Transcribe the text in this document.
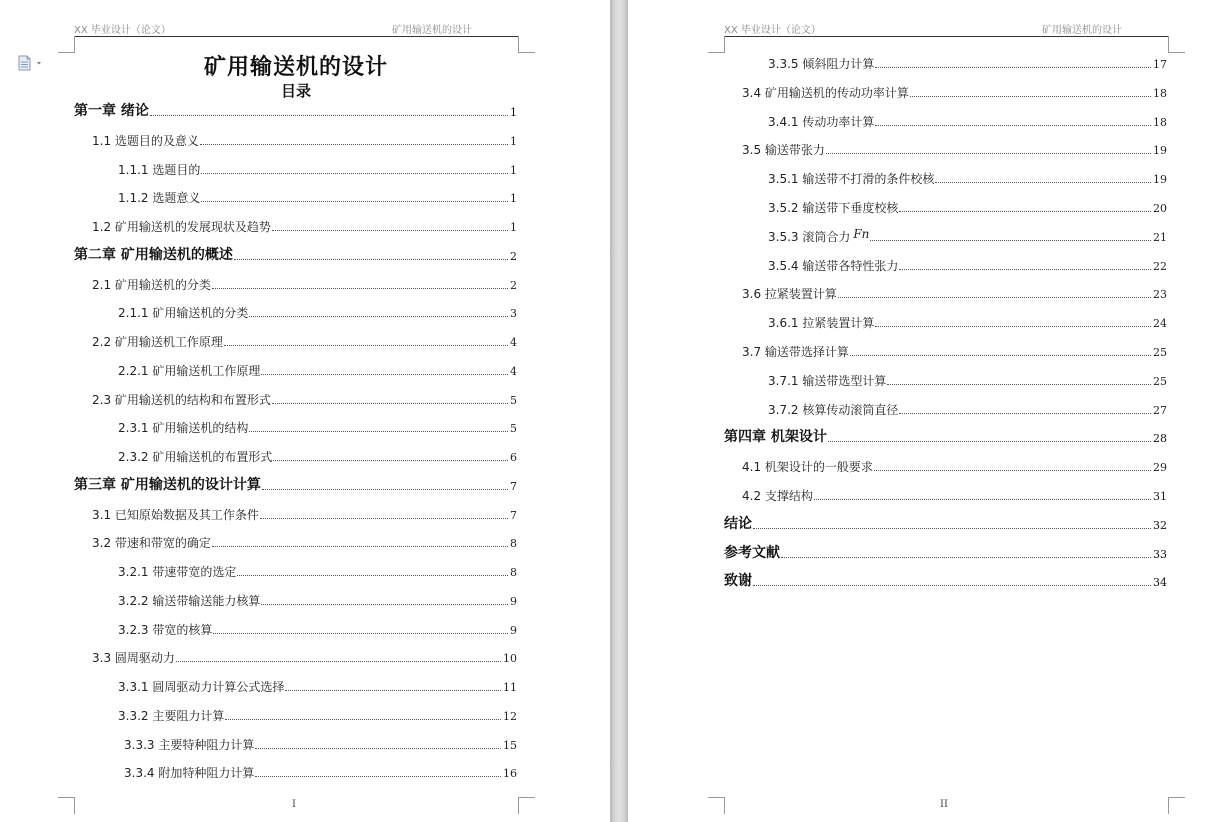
XX 毕业设计（论文）	矿用输送机的设计
矿用输送机的设计
目录
第一章 绪论	1
1.1 选题目的及意义	1
1.1.1 选题目的	1
1.1.2 选题意义	1
1.2 矿用输送机的发展现状及趋势	1
第二章 矿用输送机的概述	2
2.1 矿用输送机的分类	2
2.1.1 矿用输送机的分类	3
2.2 矿用输送机工作原理	4
2.2.1 矿用输送机工作原理	4
2.3 矿用输送机的结构和布置形式	5
2.3.1 矿用输送机的结构	5
2.3.2 矿用输送机的布置形式	6
第三章 矿用输送机的设计计算	7
3.1 已知原始数据及其工作条件	7
3.2 带速和带宽的确定	8
3.2.1 带速带宽的选定	8
3.2.2 输送带输送能力核算	9
3.2.3 带宽的核算	9
3.3 圆周驱动力	10
3.3.1 圆周驱动力计算公式选择	11
3.3.2 主要阻力计算	12
3.3.3 主要特种阻力计算	15
3.3.4 附加特种阻力计算	16
I
XX 毕业设计（论文）	矿用输送机的设计
3.3.5 倾斜阻力计算	17
3.4 矿用输送机的传动功率计算	18
3.4.1 传动功率计算	18
3.5 输送带张力	19
3.5.1 输送带不打滑的条件校核	19
3.5.2 输送带下垂度校核	20
3.5.3 滚筒合力 Fn	21
3.5.4 输送带各特性张力	22
3.6 拉紧装置计算	23
3.6.1 拉紧装置计算	24
3.7 输送带选择计算	25
3.7.1 输送带选型计算	25
3.7.2 核算传动滚筒直径	27
第四章 机架设计	28
4.1 机架设计的一般要求	29
4.2 支撑结构	31
结论	32
参考文献	33
致谢	34
II
